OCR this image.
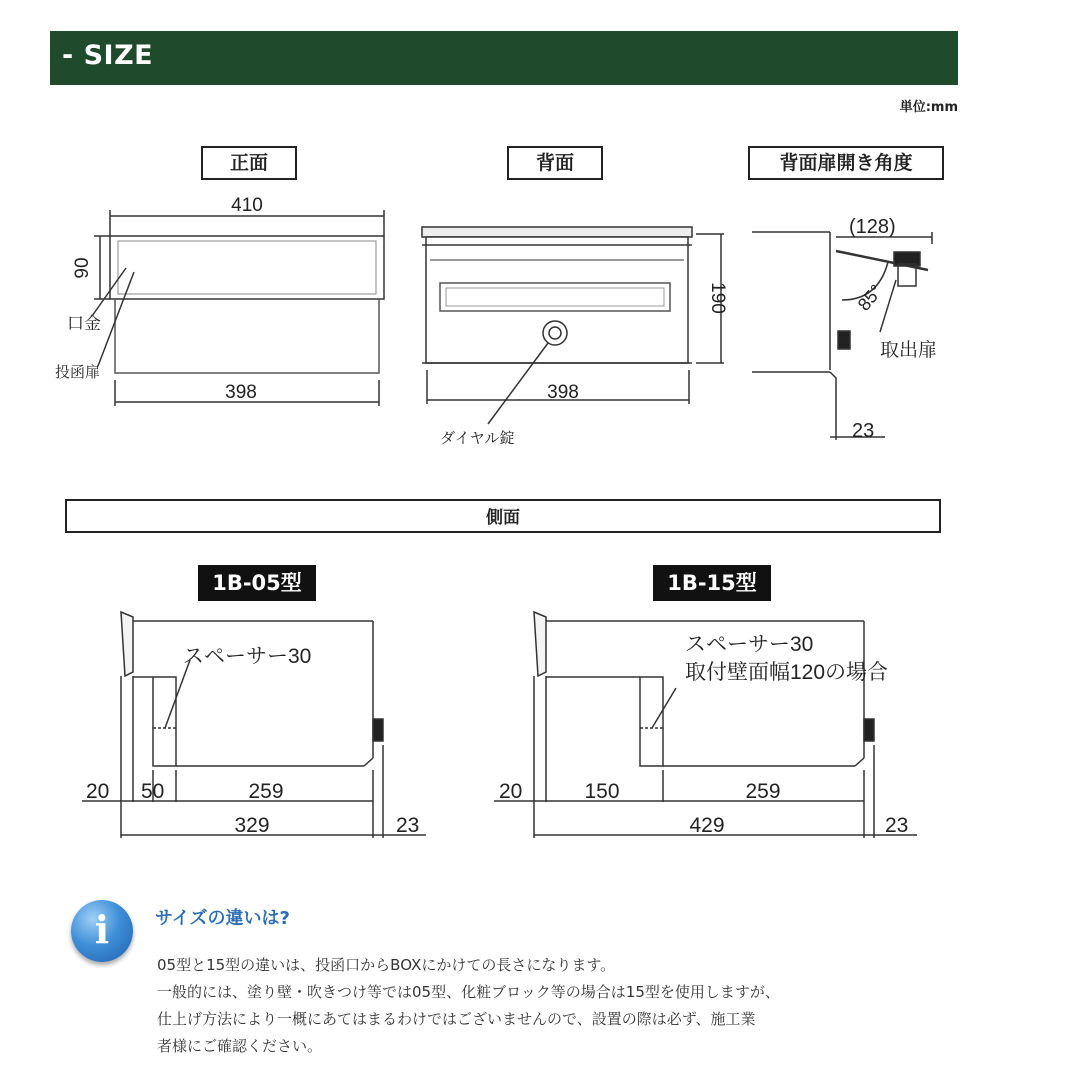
- SIZE
単位:mm
正面	背面	背面扉開き角度
410
90
口金
投函扉
398
190
398
ダイヤル錠
(128)
85°
取出扉
23
スペーサー30
20 50	259
329	23
スペーサー30
取付壁面幅120の場合
20	150	259
429	23
側面
1B-05型	1B-15型
i	サイズの違いは?
05型と15型の違いは、投函口からBOXにかけての長さになります。
一般的には、塗り壁・吹きつけ等では05型、化粧ブロック等の場合は15型を使用しますが、
仕上げ方法により一概にあてはまるわけではございませんので、設置の際は必ず、施工業
者様にご確認ください。
